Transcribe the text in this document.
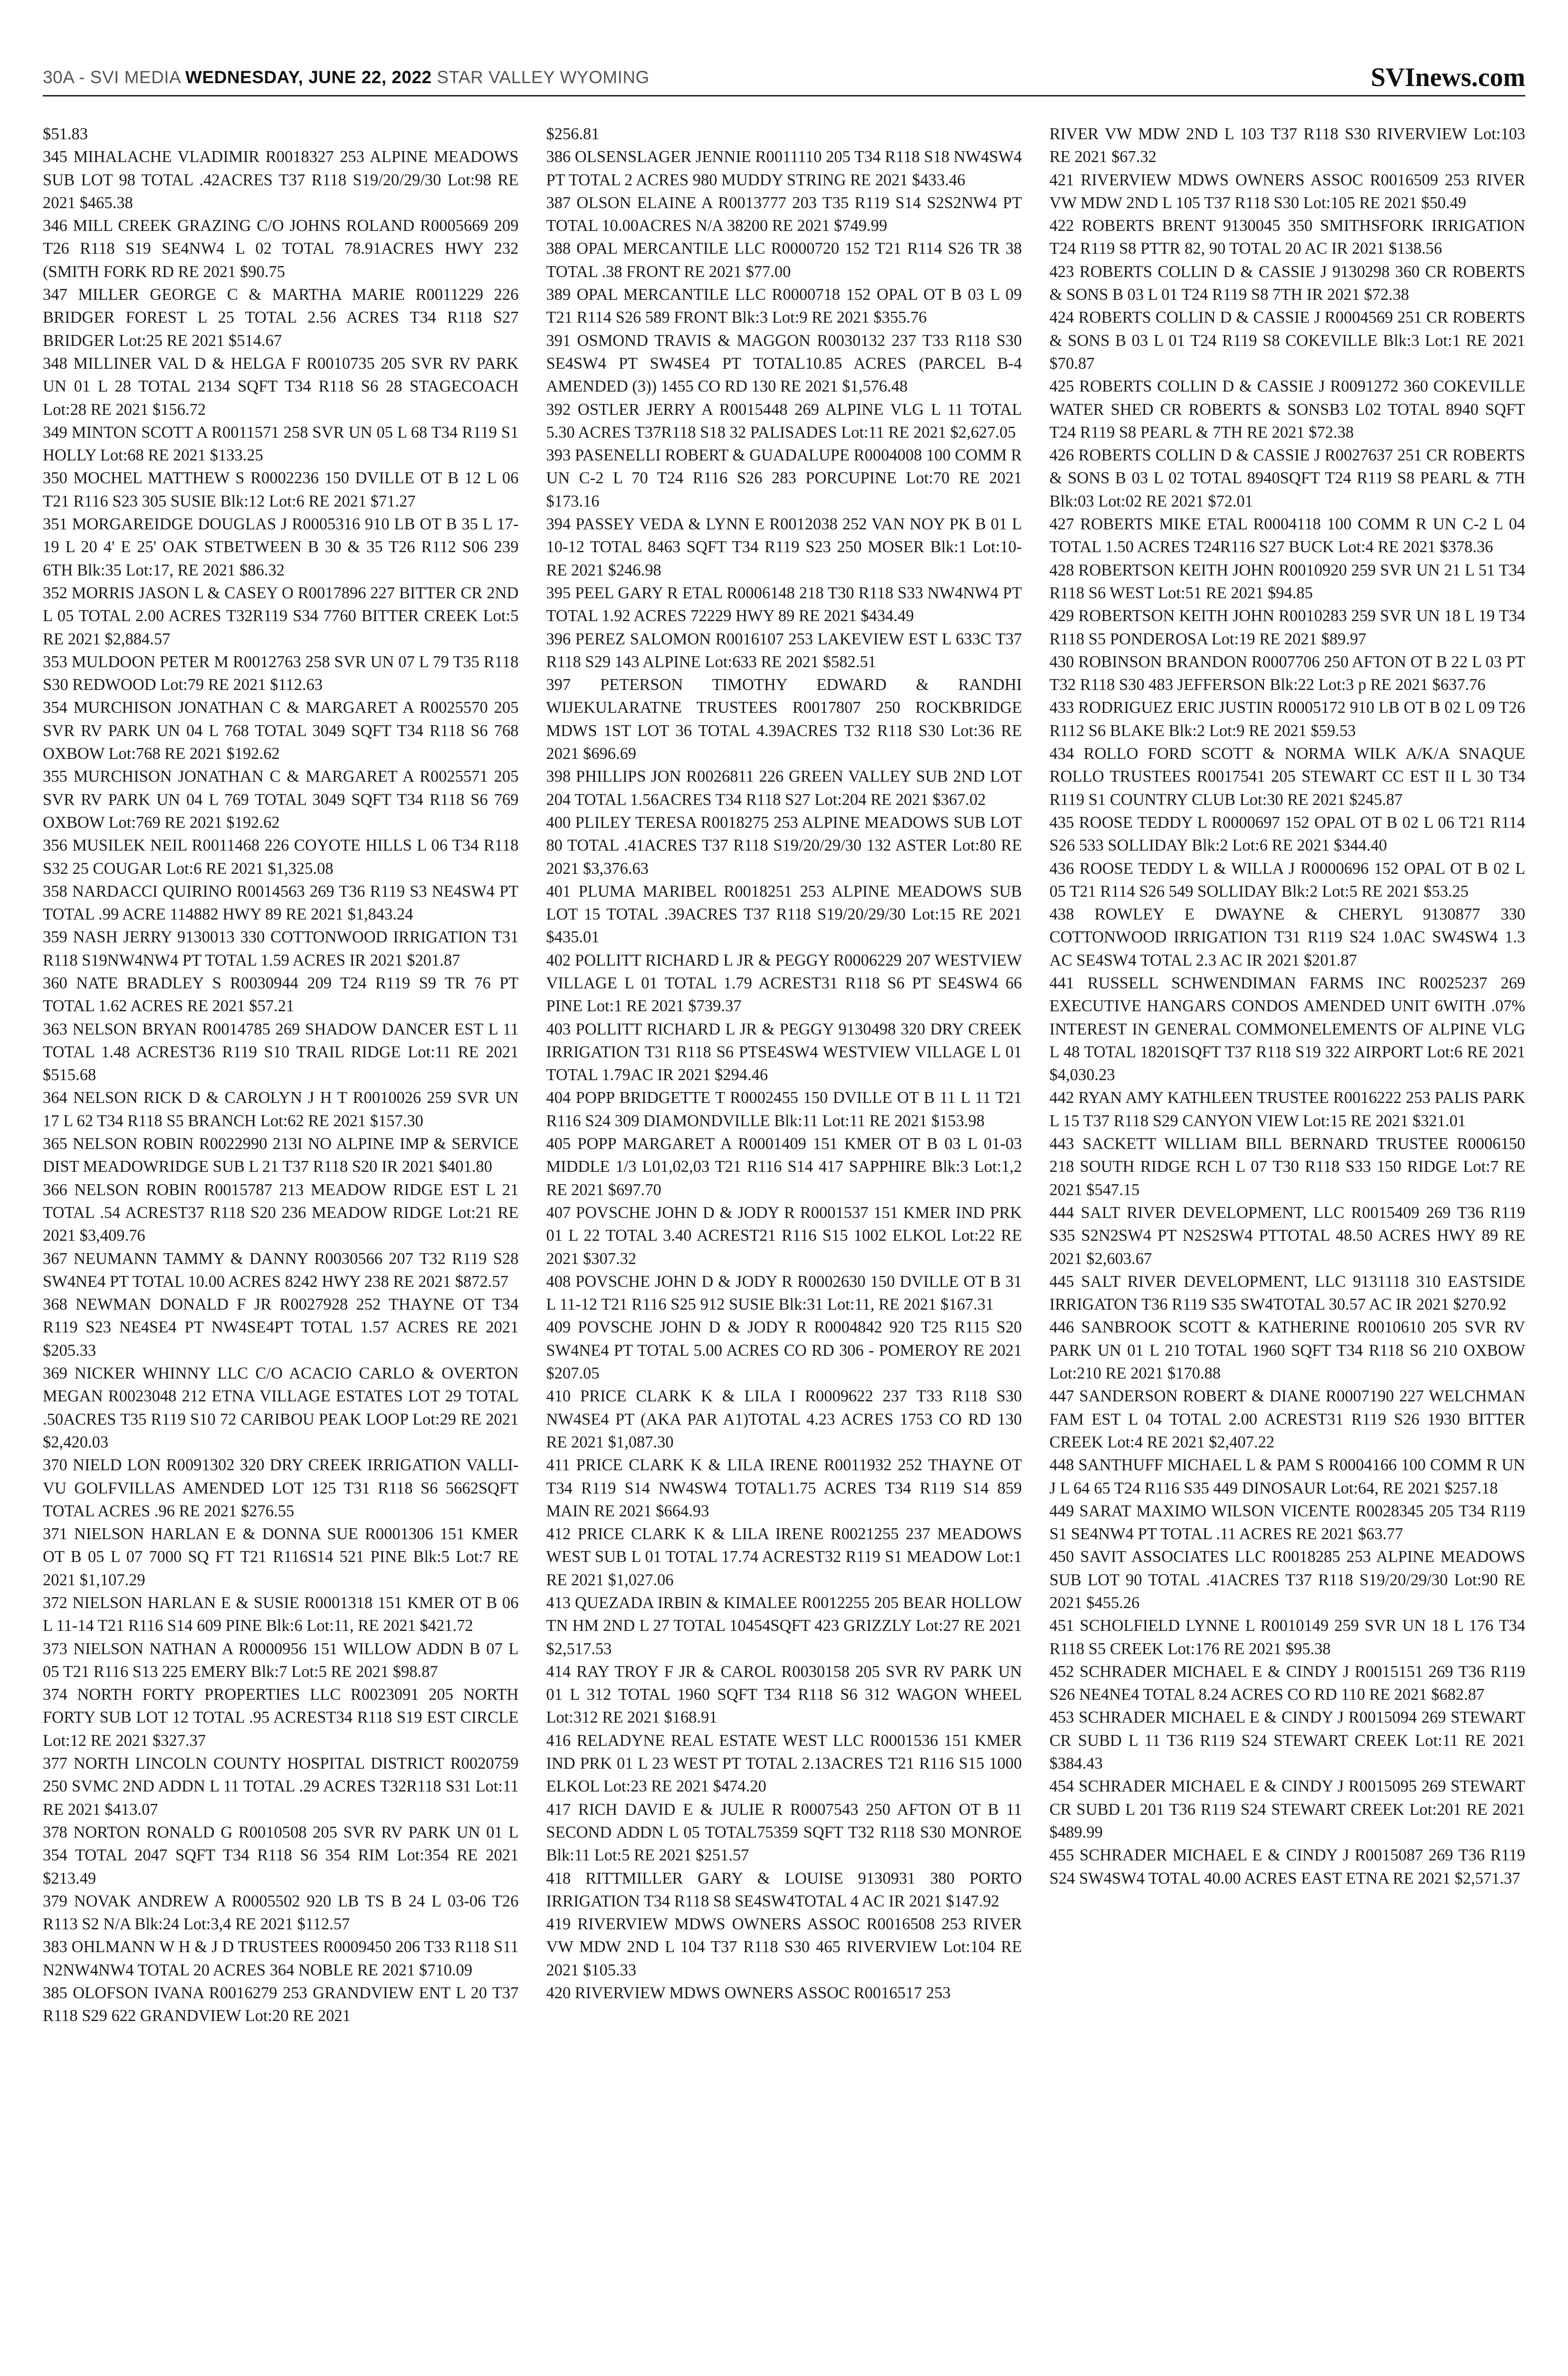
30A - SVI MEDIA WEDNESDAY, JUNE 22, 2022 STAR VALLEY WYOMING	SVInews.com

$51.83

345 MIHALACHE VLADIMIR R0018327 253 ALPINE MEADOWS SUB LOT 98 TOTAL .42ACRES T37 R118 S19/20/29/30 Lot:98 RE 2021 $465.38

346 MILL CREEK GRAZING C/O JOHNS ROLAND R0005669 209 T26 R118 S19 SE4NW4 L 02 TOTAL 78.91ACRES HWY 232 (SMITH FORK RD RE 2021 $90.75

347 MILLER GEORGE C & MARTHA MARIE R0011229 226 BRIDGER FOREST L 25 TOTAL 2.56 ACRES T34 R118 S27 BRIDGER Lot:25 RE 2021 $514.67

348 MILLINER VAL D & HELGA F R0010735 205 SVR RV PARK UN 01 L 28 TOTAL 2134 SQFT T34 R118 S6 28 STAGECOACH Lot:28 RE 2021 $156.72

349 MINTON SCOTT A R0011571 258 SVR UN 05 L 68 T34 R119 S1 HOLLY Lot:68 RE 2021 $133.25

350 MOCHEL MATTHEW S R0002236 150 DVILLE OT B 12 L 06 T21 R116 S23 305 SUSIE Blk:12 Lot:6 RE 2021 $71.27

351 MORGAREIDGE DOUGLAS J R0005316 910 LB OT B 35 L 17-19 L 20 4' E 25' OAK STBETWEEN B 30 & 35 T26 R112 S06 239 6TH Blk:35 Lot:17, RE 2021 $86.32

352 MORRIS JASON L & CASEY O R0017896 227 BITTER CR 2ND L 05 TOTAL 2.00 ACRES T32R119 S34 7760 BITTER CREEK Lot:5 RE 2021 $2,884.57

353 MULDOON PETER M R0012763 258 SVR UN 07 L 79 T35 R118 S30 REDWOOD Lot:79 RE 2021 $112.63

354 MURCHISON JONATHAN C & MARGARET A R0025570 205 SVR RV PARK UN 04 L 768 TOTAL 3049 SQFT T34 R118 S6 768 OXBOW Lot:768 RE 2021 $192.62

355 MURCHISON JONATHAN C & MARGARET A R0025571 205 SVR RV PARK UN 04 L 769 TOTAL 3049 SQFT T34 R118 S6 769 OXBOW Lot:769 RE 2021 $192.62

356 MUSILEK NEIL R0011468 226 COYOTE HILLS L 06 T34 R118 S32 25 COUGAR Lot:6 RE 2021 $1,325.08

358 NARDACCI QUIRINO R0014563 269 T36 R119 S3 NE4SW4 PT TOTAL .99 ACRE 114882 HWY 89 RE 2021 $1,843.24

359 NASH JERRY 9130013 330 COTTONWOOD IRRIGATION T31 R118 S19NW4NW4 PT TOTAL 1.59 ACRES IR 2021 $201.87

360 NATE BRADLEY S R0030944 209 T24 R119 S9 TR 76 PT TOTAL 1.62 ACRES RE 2021 $57.21

363 NELSON BRYAN R0014785 269 SHADOW DANCER EST L 11 TOTAL 1.48 ACREST36 R119 S10 TRAIL RIDGE Lot:11 RE 2021 $515.68

364 NELSON RICK D & CAROLYN J H T R0010026 259 SVR UN 17 L 62 T34 R118 S5 BRANCH Lot:62 RE 2021 $157.30

365 NELSON ROBIN R0022990 213I NO ALPINE IMP & SERVICE DIST MEADOWRIDGE SUB L 21 T37 R118 S20 IR 2021 $401.80

366 NELSON ROBIN R0015787 213 MEADOW RIDGE EST L 21 TOTAL .54 ACREST37 R118 S20 236 MEADOW RIDGE Lot:21 RE 2021 $3,409.76

367 NEUMANN TAMMY & DANNY R0030566 207 T32 R119 S28 SW4NE4 PT TOTAL 10.00 ACRES 8242 HWY 238 RE 2021 $872.57

368 NEWMAN DONALD F JR R0027928 252 THAYNE OT T34 R119 S23 NE4SE4 PT NW4SE4PT TOTAL 1.57 ACRES RE 2021 $205.33

369 NICKER WHINNY LLC C/O ACACIO CARLO & OVERTON MEGAN R0023048 212 ETNA VILLAGE ESTATES LOT 29 TOTAL .50ACRES T35 R119 S10 72 CARIBOU PEAK LOOP Lot:29 RE 2021 $2,420.03

370 NIELD LON R0091302 320 DRY CREEK IRRIGATION VALLI-VU GOLFVILLAS AMENDED LOT 125 T31 R118 S6 5662SQFT TOTAL ACRES .96 RE 2021 $276.55

371 NIELSON HARLAN E & DONNA SUE R0001306 151 KMER OT B 05 L 07 7000 SQ FT T21 R116S14 521 PINE Blk:5 Lot:7 RE 2021 $1,107.29

372 NIELSON HARLAN E & SUSIE R0001318 151 KMER OT B 06 L 11-14 T21 R116 S14 609 PINE Blk:6 Lot:11, RE 2021 $421.72

373 NIELSON NATHAN A R0000956 151 WILLOW ADDN B 07 L 05 T21 R116 S13 225 EMERY Blk:7 Lot:5 RE 2021 $98.87

374 NORTH FORTY PROPERTIES LLC R0023091 205 NORTH FORTY SUB LOT 12 TOTAL .95 ACREST34 R118 S19 EST CIRCLE Lot:12 RE 2021 $327.37

377 NORTH LINCOLN COUNTY HOSPITAL DISTRICT R0020759 250 SVMC 2ND ADDN L 11 TOTAL .29 ACRES T32R118 S31 Lot:11 RE 2021 $413.07

378 NORTON RONALD G R0010508 205 SVR RV PARK UN 01 L 354 TOTAL 2047 SQFT T34 R118 S6 354 RIM Lot:354 RE 2021 $213.49

379 NOVAK ANDREW A R0005502 920 LB TS B 24 L 03-06 T26 R113 S2 N/A Blk:24 Lot:3,4 RE 2021 $112.57

383 OHLMANN W H & J D TRUSTEES R0009450 206 T33 R118 S11 N2NW4NW4 TOTAL 20 ACRES 364 NOBLE RE 2021 $710.09

385 OLOFSON IVANA R0016279 253 GRANDVIEW ENT L 20 T37 R118 S29 622 GRANDVIEW Lot:20 RE 2021

$256.81

386 OLSENSLAGER JENNIE R0011110 205 T34 R118 S18 NW4SW4 PT TOTAL 2 ACRES 980 MUDDY STRING RE 2021 $433.46

387 OLSON ELAINE A R0013777 203 T35 R119 S14 S2S2NW4 PT TOTAL 10.00ACRES N/A 38200 RE 2021 $749.99

388 OPAL MERCANTILE LLC R0000720 152 T21 R114 S26 TR 38 TOTAL .38 FRONT RE 2021 $77.00

389 OPAL MERCANTILE LLC R0000718 152 OPAL OT B 03 L 09 T21 R114 S26 589 FRONT Blk:3 Lot:9 RE 2021 $355.76

391 OSMOND TRAVIS & MAGGON R0030132 237 T33 R118 S30 SE4SW4 PT SW4SE4 PT TOTAL10.85 ACRES (PARCEL B-4 AMENDED (3)) 1455 CO RD 130 RE 2021 $1,576.48

392 OSTLER JERRY A R0015448 269 ALPINE VLG L 11 TOTAL 5.30 ACRES T37R118 S18 32 PALISADES Lot:11 RE 2021 $2,627.05

393 PASENELLI ROBERT & GUADALUPE R0004008 100 COMM R UN C-2 L 70 T24 R116 S26 283 PORCUPINE Lot:70 RE 2021 $173.16

394 PASSEY VEDA & LYNN E R0012038 252 VAN NOY PK B 01 L 10-12 TOTAL 8463 SQFT T34 R119 S23 250 MOSER Blk:1 Lot:10- RE 2021 $246.98

395 PEEL GARY R ETAL R0006148 218 T30 R118 S33 NW4NW4 PT TOTAL 1.92 ACRES 72229 HWY 89 RE 2021 $434.49

396 PEREZ SALOMON R0016107 253 LAKEVIEW EST L 633C T37 R118 S29 143 ALPINE Lot:633 RE 2021 $582.51

397 PETERSON TIMOTHY EDWARD & RANDHI WIJEKULARATNE TRUSTEES R0017807 250 ROCKBRIDGE MDWS 1ST LOT 36 TOTAL 4.39ACRES T32 R118 S30 Lot:36 RE 2021 $696.69

398 PHILLIPS JON R0026811 226 GREEN VALLEY SUB 2ND LOT 204 TOTAL 1.56ACRES T34 R118 S27 Lot:204 RE 2021 $367.02

400 PLILEY TERESA R0018275 253 ALPINE MEADOWS SUB LOT 80 TOTAL .41ACRES T37 R118 S19/20/29/30 132 ASTER Lot:80 RE 2021 $3,376.63

401 PLUMA MARIBEL R0018251 253 ALPINE MEADOWS SUB LOT 15 TOTAL .39ACRES T37 R118 S19/20/29/30 Lot:15 RE 2021 $435.01

402 POLLITT RICHARD L JR & PEGGY R0006229 207 WESTVIEW VILLAGE L 01 TOTAL 1.79 ACREST31 R118 S6 PT SE4SW4 66 PINE Lot:1 RE 2021 $739.37

403 POLLITT RICHARD L JR & PEGGY 9130498 320 DRY CREEK IRRIGATION T31 R118 S6 PTSE4SW4 WESTVIEW VILLAGE L 01 TOTAL 1.79AC IR 2021 $294.46

404 POPP BRIDGETTE T R0002455 150 DVILLE OT B 11 L 11 T21 R116 S24 309 DIAMONDVILLE Blk:11 Lot:11 RE 2021 $153.98

405 POPP MARGARET A R0001409 151 KMER OT B 03 L 01-03 MIDDLE 1/3 L01,02,03 T21 R116 S14 417 SAPPHIRE Blk:3 Lot:1,2 RE 2021 $697.70

407 POVSCHE JOHN D & JODY R R0001537 151 KMER IND PRK 01 L 22 TOTAL 3.40 ACREST21 R116 S15 1002 ELKOL Lot:22 RE 2021 $307.32

408 POVSCHE JOHN D & JODY R R0002630 150 DVILLE OT B 31 L 11-12 T21 R116 S25 912 SUSIE Blk:31 Lot:11, RE 2021 $167.31

409 POVSCHE JOHN D & JODY R R0004842 920 T25 R115 S20 SW4NE4 PT TOTAL 5.00 ACRES CO RD 306 - POMEROY RE 2021 $207.05

410 PRICE CLARK K & LILA I R0009622 237 T33 R118 S30 NW4SE4 PT (AKA PAR A1)TOTAL 4.23 ACRES 1753 CO RD 130 RE 2021 $1,087.30

411 PRICE CLARK K & LILA IRENE R0011932 252 THAYNE OT T34 R119 S14 NW4SW4 TOTAL1.75 ACRES T34 R119 S14 859 MAIN RE 2021 $664.93

412 PRICE CLARK K & LILA IRENE R0021255 237 MEADOWS WEST SUB L 01 TOTAL 17.74 ACREST32 R119 S1 MEADOW Lot:1 RE 2021 $1,027.06

413 QUEZADA IRBIN & KIMALEE R0012255 205 BEAR HOLLOW TN HM 2ND L 27 TOTAL 10454SQFT 423 GRIZZLY Lot:27 RE 2021 $2,517.53

414 RAY TROY F JR & CAROL R0030158 205 SVR RV PARK UN 01 L 312 TOTAL 1960 SQFT T34 R118 S6 312 WAGON WHEEL Lot:312 RE 2021 $168.91

416 RELADYNE REAL ESTATE WEST LLC R0001536 151 KMER IND PRK 01 L 23 WEST PT TOTAL 2.13ACRES T21 R116 S15 1000 ELKOL Lot:23 RE 2021 $474.20

417 RICH DAVID E & JULIE R R0007543 250 AFTON OT B 11 SECOND ADDN L 05 TOTAL75359 SQFT T32 R118 S30 MONROE Blk:11 Lot:5 RE 2021 $251.57

418 RITTMILLER GARY & LOUISE 9130931 380 PORTO IRRIGATION T34 R118 S8 SE4SW4TOTAL 4 AC IR 2021 $147.92

419 RIVERVIEW MDWS OWNERS ASSOC R0016508 253 RIVER VW MDW 2ND L 104 T37 R118 S30 465 RIVERVIEW Lot:104 RE 2021 $105.33

420 RIVERVIEW MDWS OWNERS ASSOC R0016517 253

RIVER VW MDW 2ND L 103 T37 R118 S30 RIVERVIEW Lot:103 RE 2021 $67.32

421 RIVERVIEW MDWS OWNERS ASSOC R0016509 253 RIVER VW MDW 2ND L 105 T37 R118 S30 Lot:105 RE 2021 $50.49

422 ROBERTS BRENT 9130045 350 SMITHSFORK IRRIGATION T24 R119 S8 PTTR 82, 90 TOTAL 20 AC IR 2021 $138.56

423 ROBERTS COLLIN D & CASSIE J 9130298 360 CR ROBERTS & SONS B 03 L 01 T24 R119 S8 7TH IR 2021 $72.38

424 ROBERTS COLLIN D & CASSIE J R0004569 251 CR ROBERTS & SONS B 03 L 01 T24 R119 S8 COKEVILLE Blk:3 Lot:1 RE 2021 $70.87

425 ROBERTS COLLIN D & CASSIE J R0091272 360 COKEVILLE WATER SHED CR ROBERTS & SONSB3 L02 TOTAL 8940 SQFT T24 R119 S8 PEARL & 7TH RE 2021 $72.38

426 ROBERTS COLLIN D & CASSIE J R0027637 251 CR ROBERTS & SONS B 03 L 02 TOTAL 8940SQFT T24 R119 S8 PEARL & 7TH Blk:03 Lot:02 RE 2021 $72.01

427 ROBERTS MIKE ETAL R0004118 100 COMM R UN C-2 L 04 TOTAL 1.50 ACRES T24R116 S27 BUCK Lot:4 RE 2021 $378.36

428 ROBERTSON KEITH JOHN R0010920 259 SVR UN 21 L 51 T34 R118 S6 WEST Lot:51 RE 2021 $94.85

429 ROBERTSON KEITH JOHN R0010283 259 SVR UN 18 L 19 T34 R118 S5 PONDEROSA Lot:19 RE 2021 $89.97

430 ROBINSON BRANDON R0007706 250 AFTON OT B 22 L 03 PT T32 R118 S30 483 JEFFERSON Blk:22 Lot:3 p RE 2021 $637.76

433 RODRIGUEZ ERIC JUSTIN R0005172 910 LB OT B 02 L 09 T26 R112 S6 BLAKE Blk:2 Lot:9 RE 2021 $59.53

434 ROLLO FORD SCOTT & NORMA WILK A/K/A SNAQUE ROLLO TRUSTEES R0017541 205 STEWART CC EST II L 30 T34 R119 S1 COUNTRY CLUB Lot:30 RE 2021 $245.87

435 ROOSE TEDDY L R0000697 152 OPAL OT B 02 L 06 T21 R114 S26 533 SOLLIDAY Blk:2 Lot:6 RE 2021 $344.40

436 ROOSE TEDDY L & WILLA J R0000696 152 OPAL OT B 02 L 05 T21 R114 S26 549 SOLLIDAY Blk:2 Lot:5 RE 2021 $53.25

438 ROWLEY E DWAYNE & CHERYL 9130877 330 COTTONWOOD IRRIGATION T31 R119 S24 1.0AC SW4SW4 1.3 AC SE4SW4 TOTAL 2.3 AC IR 2021 $201.87

441 RUSSELL SCHWENDIMAN FARMS INC R0025237 269 EXECUTIVE HANGARS CONDOS AMENDED UNIT 6WITH .07% INTEREST IN GENERAL COMMONELEMENTS OF ALPINE VLG L 48 TOTAL 18201SQFT T37 R118 S19 322 AIRPORT Lot:6 RE 2021 $4,030.23

442 RYAN AMY KATHLEEN TRUSTEE R0016222 253 PALIS PARK L 15 T37 R118 S29 CANYON VIEW Lot:15 RE 2021 $321.01

443 SACKETT WILLIAM BILL BERNARD TRUSTEE R0006150 218 SOUTH RIDGE RCH L 07 T30 R118 S33 150 RIDGE Lot:7 RE 2021 $547.15

444 SALT RIVER DEVELOPMENT, LLC R0015409 269 T36 R119 S35 S2N2SW4 PT N2S2SW4 PTTOTAL 48.50 ACRES HWY 89 RE 2021 $2,603.67

445 SALT RIVER DEVELOPMENT, LLC 9131118 310 EASTSIDE IRRIGATON T36 R119 S35 SW4TOTAL 30.57 AC IR 2021 $270.92

446 SANBROOK SCOTT & KATHERINE R0010610 205 SVR RV PARK UN 01 L 210 TOTAL 1960 SQFT T34 R118 S6 210 OXBOW Lot:210 RE 2021 $170.88

447 SANDERSON ROBERT & DIANE R0007190 227 WELCHMAN FAM EST L 04 TOTAL 2.00 ACREST31 R119 S26 1930 BITTER CREEK Lot:4 RE 2021 $2,407.22

448 SANTHUFF MICHAEL L & PAM S R0004166 100 COMM R UN J L 64 65 T24 R116 S35 449 DINOSAUR Lot:64, RE 2021 $257.18

449 SARAT MAXIMO WILSON VICENTE R0028345 205 T34 R119 S1 SE4NW4 PT TOTAL .11 ACRES RE 2021 $63.77

450 SAVIT ASSOCIATES LLC R0018285 253 ALPINE MEADOWS SUB LOT 90 TOTAL .41ACRES T37 R118 S19/20/29/30 Lot:90 RE 2021 $455.26

451 SCHOLFIELD LYNNE L R0010149 259 SVR UN 18 L 176 T34 R118 S5 CREEK Lot:176 RE 2021 $95.38

452 SCHRADER MICHAEL E & CINDY J R0015151 269 T36 R119 S26 NE4NE4 TOTAL 8.24 ACRES CO RD 110 RE 2021 $682.87

453 SCHRADER MICHAEL E & CINDY J R0015094 269 STEWART CR SUBD L 11 T36 R119 S24 STEWART CREEK Lot:11 RE 2021 $384.43

454 SCHRADER MICHAEL E & CINDY J R0015095 269 STEWART CR SUBD L 201 T36 R119 S24 STEWART CREEK Lot:201 RE 2021 $489.99

455 SCHRADER MICHAEL E & CINDY J R0015087 269 T36 R119 S24 SW4SW4 TOTAL 40.00 ACRES EAST ETNA RE 2021 $2,571.37
